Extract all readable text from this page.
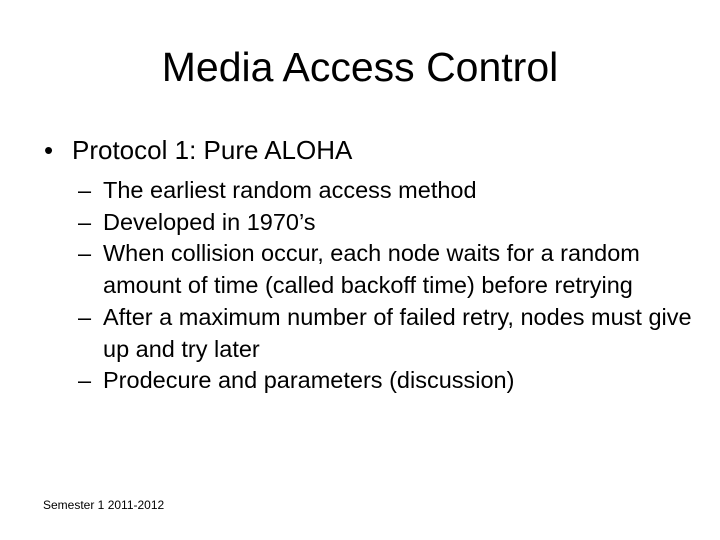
Media Access Control
• Protocol 1: Pure ALOHA
– The earliest random access method
– Developed in 1970’s
– When collision occur, each node waits for a random amount of time (called backoff time) before retrying
– After a maximum number of failed retry, nodes must give up and try later
– Prodecure and parameters (discussion)
Semester 1 2011-2012
